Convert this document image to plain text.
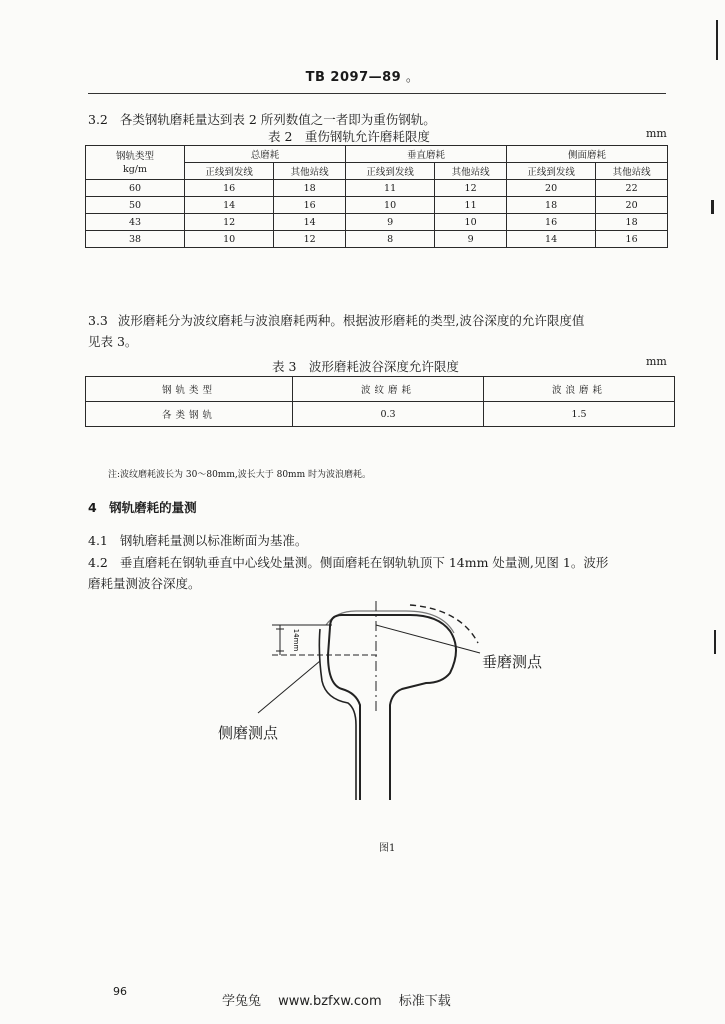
TB 2097—89 。
3.2 各类钢轨磨耗量达到表 2 所列数值之一者即为重伤钢轨。
表 2　重伤钢轨允许磨耗限度	mm
钢轨类型
kg/m	总磨耗		垂直磨耗		侧面磨耗	
	正线到发线	其他站线	正线到发线	其他站线	正线到发线	其他站线
60	16	18	11	12	20	22
50	14	16	10	11	18	20
43	12	14	9	10	16	18
38	10	12	8	9	14	16
3.3 波形磨耗分为波纹磨耗与波浪磨耗两种。根据波形磨耗的类型,波谷深度的允许限度值
见表 3。
表 3　波形磨耗波谷深度允许限度	mm
钢轨类型	波纹磨耗	波浪磨耗
各类钢轨	0.3	1.5
注:波纹磨耗波长为 30～80mm,波长大于 80mm 时为波浪磨耗。
4 钢轨磨耗的量测
4.1 钢轨磨耗量测以标准断面为基准。
4.2 垂直磨耗在钢轨垂直中心线处量测。侧面磨耗在钢轨轨顶下 14mm 处量测,见图 1。波形
磨耗量测波谷深度。
14mm
垂磨测点
侧磨测点
图1
96
学兔兔　 www.bzfxw.com　 标准下载
